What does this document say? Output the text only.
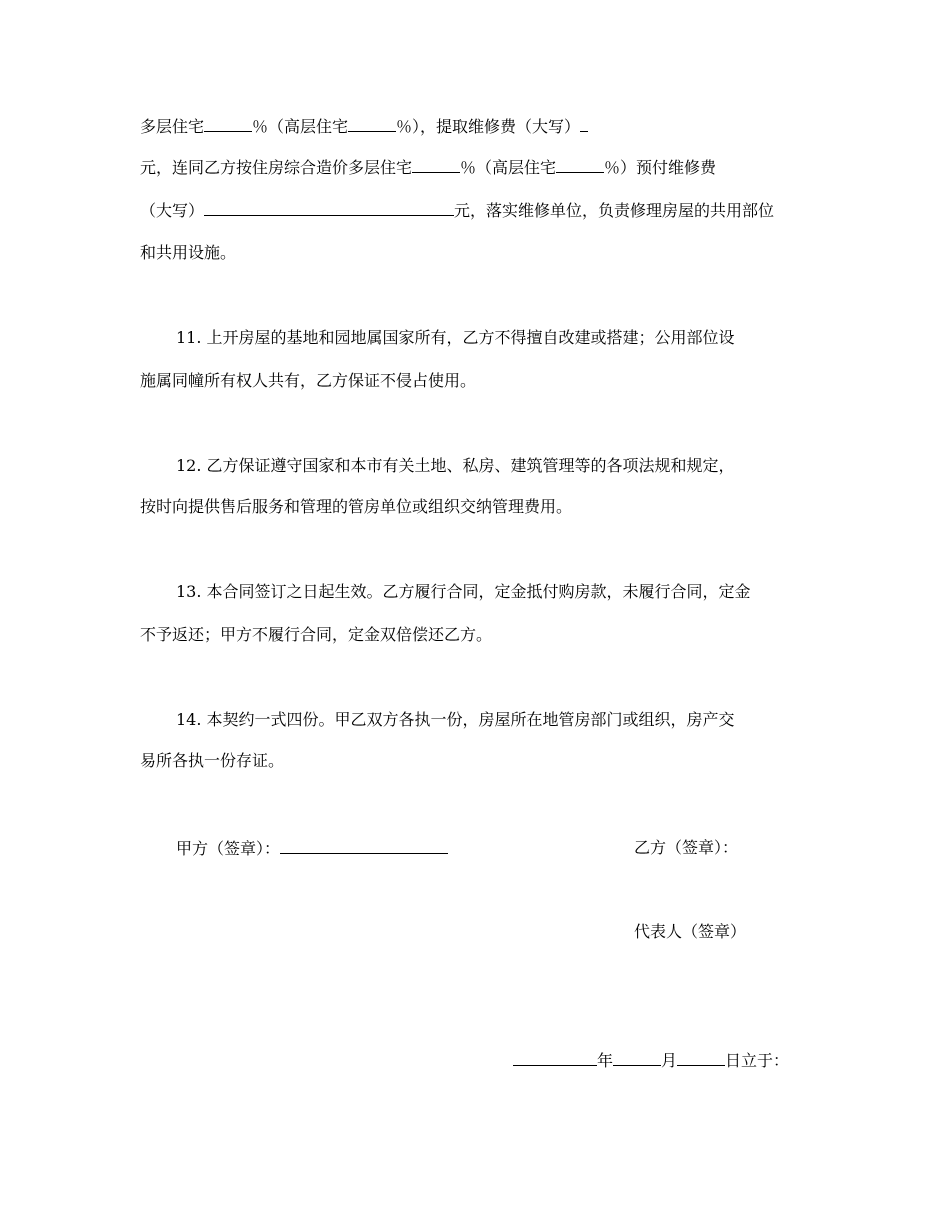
多层住宅	％（高层住宅	％），提取维修费（大写）
元，连同乙方按住房综合造价多层住宅	％（高层住宅	％）预付维修费
（大写）	元，落实维修单位，负责修理房屋的共用部位
和共用设施。
11. 上开房屋的基地和园地属国家所有，乙方不得擅自改建或搭建；公用部位设
施属同幢所有权人共有，乙方保证不侵占使用。
12. 乙方保证遵守国家和本市有关土地、私房、建筑管理等的各项法规和规定，
按时向提供售后服务和管理的管房单位或组织交纳管理费用。
13. 本合同签订之日起生效。乙方履行合同，定金抵付购房款，未履行合同，定金
不予返还；甲方不履行合同，定金双倍偿还乙方。
14. 本契约一式四份。甲乙双方各执一份，房屋所在地管房部门或组织，房产交
易所各执一份存证。
甲方（签章）：	乙方（签章）：
代表人（签章）
年	月	日立于：
